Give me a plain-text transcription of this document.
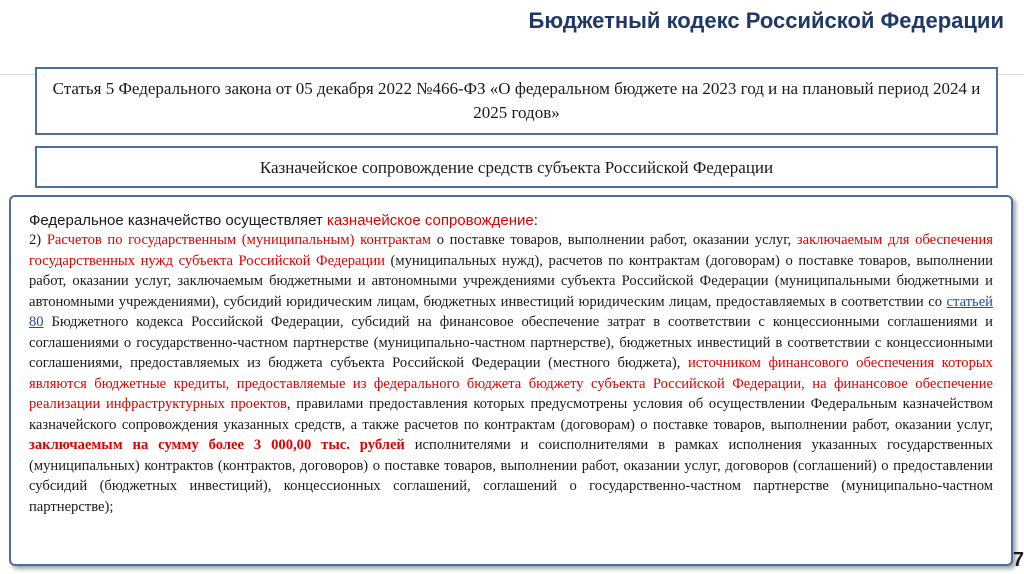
Бюджетный кодекс Российской Федерации
Статья 5 Федерального закона от 05 декабря 2022 №466-ФЗ «О федеральном бюджете на 2023 год и на плановый период 2024 и 2025 годов»
Казначейское сопровождение средств субъекта Российской Федерации
Федеральное казначейство осуществляет казначейское сопровождение:
2) Расчетов по государственным (муниципальным) контрактам о поставке товаров, выполнении работ, оказании услуг, заключаемым для обеспечения государственных нужд субъекта Российской Федерации (муниципальных нужд), расчетов по контрактам (договорам) о поставке товаров, выполнении работ, оказании услуг, заключаемым бюджетными и автономными учреждениями субъекта Российской Федерации (муниципальными бюджетными и автономными учреждениями), субсидий юридическим лицам, бюджетных инвестиций юридическим лицам, предоставляемых в соответствии со статьей 80 Бюджетного кодекса Российской Федерации, субсидий на финансовое обеспечение затрат в соответствии с концессионными соглашениями и соглашениями о государственно-частном партнерстве (муниципально-частном партнерстве), бюджетных инвестиций в соответствии с концессионными соглашениями, предоставляемых из бюджета субъекта Российской Федерации (местного бюджета), источником финансового обеспечения которых являются бюджетные кредиты, предоставляемые из федерального бюджета бюджету субъекта Российской Федерации, на финансовое обеспечение реализации инфраструктурных проектов, правилами предоставления которых предусмотрены условия об осуществлении Федеральным казначейством казначейского сопровождения указанных средств, а также расчетов по контрактам (договорам) о поставке товаров, выполнении работ, оказании услуг, заключаемым на сумму более 3 000,00 тыс. рублей исполнителями и соисполнителями в рамках исполнения указанных государственных (муниципальных) контрактов (контрактов, договоров) о поставке товаров, выполнении работ, оказании услуг, договоров (соглашений) о предоставлении субсидий (бюджетных инвестиций), концессионных соглашений, соглашений о государственно-частном партнерстве (муниципально-частном партнерстве);
7
